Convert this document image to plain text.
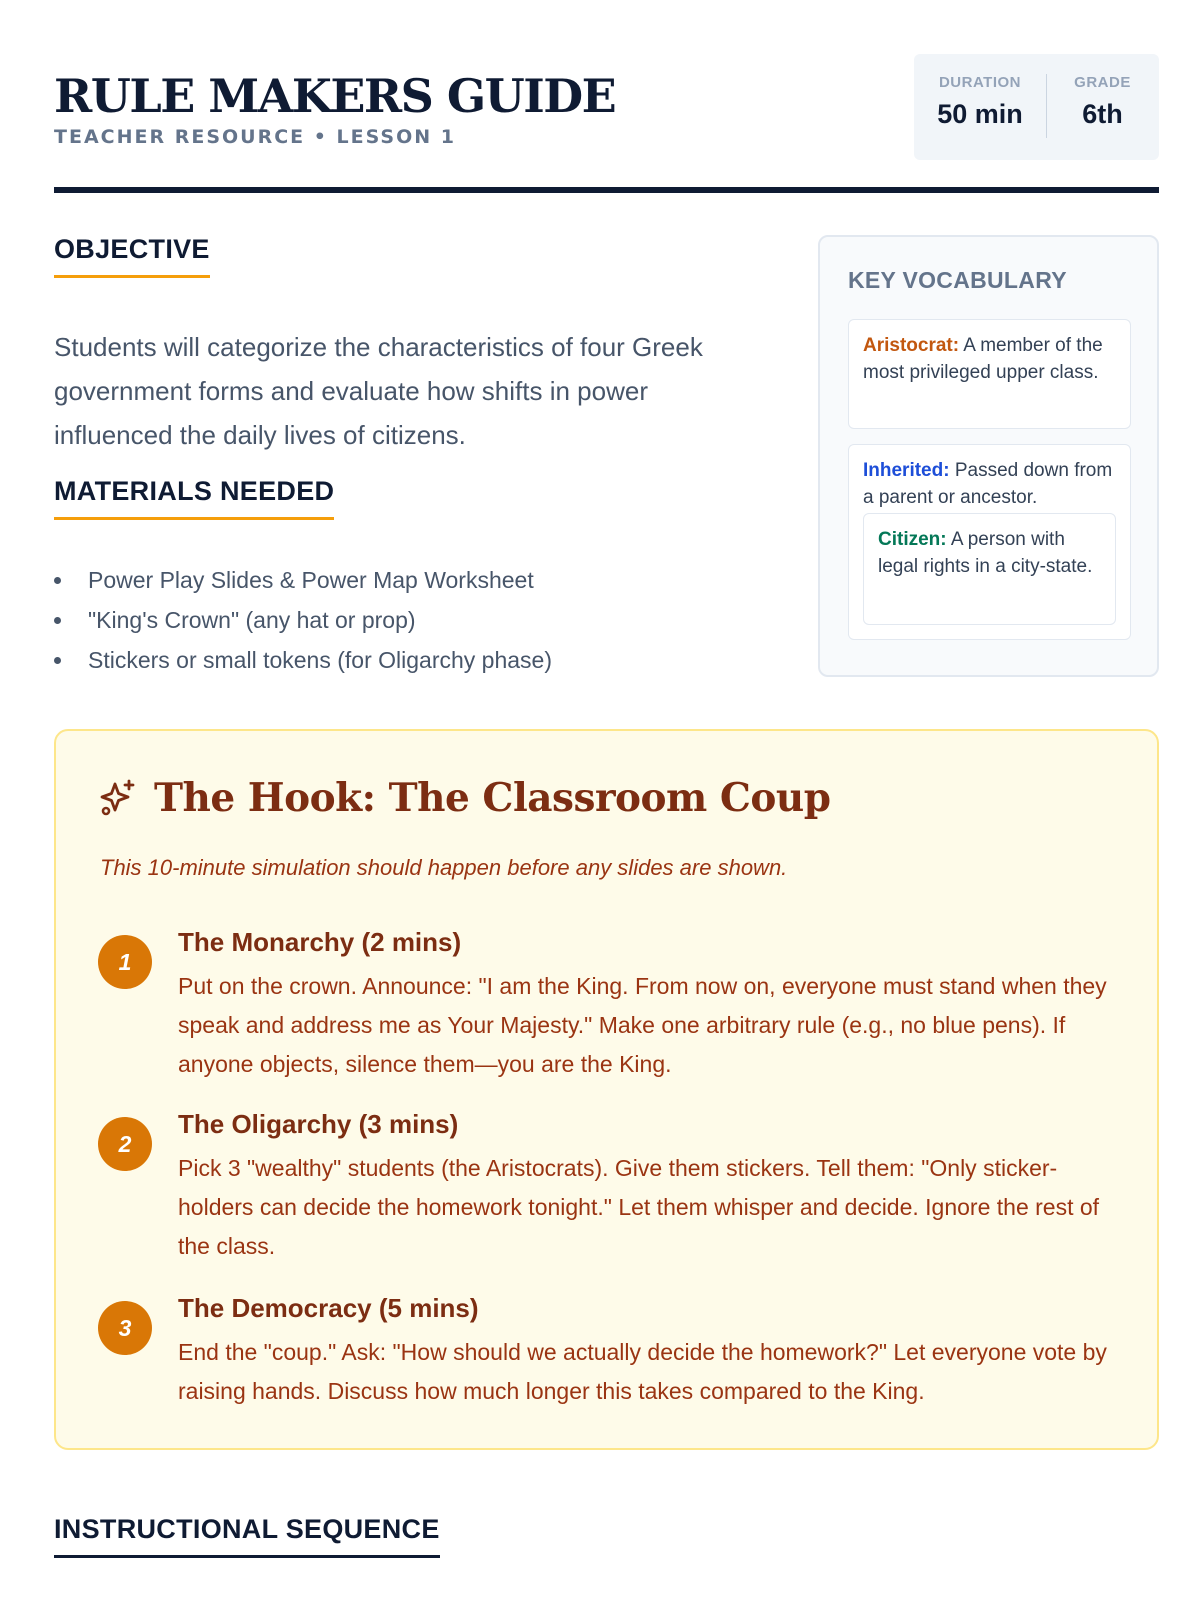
RULE MAKERS GUIDE
TEACHER RESOURCE • LESSON 1
DURATION
50 min
GRADE
6th
OBJECTIVE
Students will categorize the characteristics of four Greek government forms and evaluate how shifts in power influenced the daily lives of citizens.
MATERIALS NEEDED
Power Play Slides & Power Map Worksheet
"King's Crown" (any hat or prop)
Stickers or small tokens (for Oligarchy phase)
KEY VOCABULARY
Aristocrat: A member of the most privileged upper class.
Inherited: Passed down from a parent or ancestor.
Citizen: A person with legal rights in a city-state.
The Hook: The Classroom Coup
This 10-minute simulation should happen before any slides are shown.
1
The Monarchy (2 mins)
Put on the crown. Announce: "I am the King. From now on, everyone must stand when they speak and address me as Your Majesty." Make one arbitrary rule (e.g., no blue pens). If anyone objects, silence them—you are the King.
2
The Oligarchy (3 mins)
Pick 3 "wealthy" students (the Aristocrats). Give them stickers. Tell them: "Only sticker-holders can decide the homework tonight." Let them whisper and decide. Ignore the rest of the class.
3
The Democracy (5 mins)
End the "coup." Ask: "How should we actually decide the homework?" Let everyone vote by raising hands. Discuss how much longer this takes compared to the King.
INSTRUCTIONAL SEQUENCE
